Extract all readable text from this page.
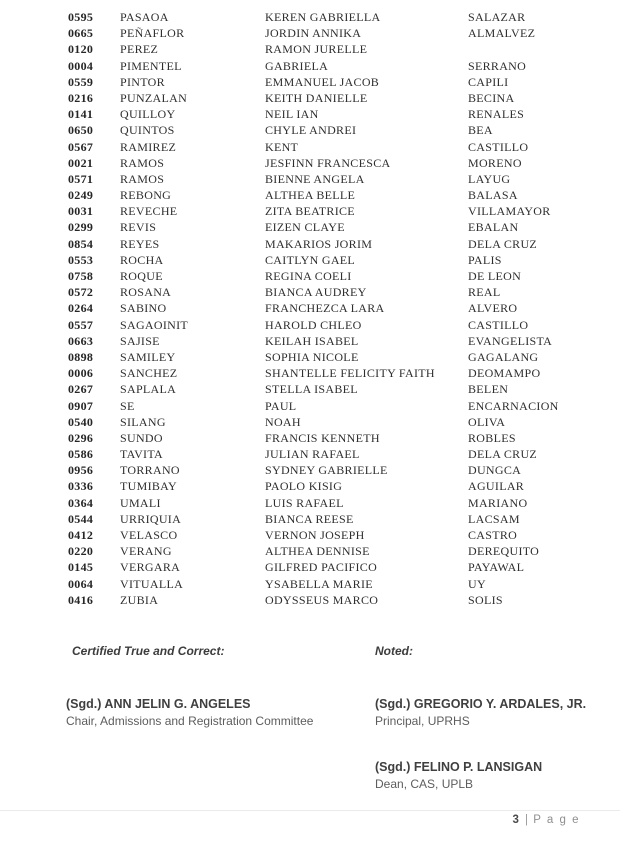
0595	PASAOA	KEREN GABRIELLA	SALAZAR
0665	PEÑAFLOR	JORDIN ANNIKA	ALMALVEZ
0120	PEREZ	RAMON JURELLE
0004	PIMENTEL	GABRIELA	SERRANO
0559	PINTOR	EMMANUEL JACOB	CAPILI
0216	PUNZALAN	KEITH DANIELLE	BECINA
0141	QUILLOY	NEIL IAN	RENALES
0650	QUINTOS	CHYLE ANDREI	BEA
0567	RAMIREZ	KENT	CASTILLO
0021	RAMOS	JESFINN FRANCESCA	MORENO
0571	RAMOS	BIENNE ANGELA	LAYUG
0249	REBONG	ALTHEA BELLE	BALASA
0031	REVECHE	ZITA BEATRICE	VILLAMAYOR
0299	REVIS	EIZEN CLAYE	EBALAN
0854	REYES	MAKARIOS JORIM	DELA CRUZ
0553	ROCHA	CAITLYN GAEL	PALIS
0758	ROQUE	REGINA COELI	DE LEON
0572	ROSANA	BIANCA AUDREY	REAL
0264	SABINO	FRANCHEZCA LARA	ALVERO
0557	SAGAOINIT	HAROLD CHLEO	CASTILLO
0663	SAJISE	KEILAH ISABEL	EVANGELISTA
0898	SAMILEY	SOPHIA NICOLE	GAGALANG
0006	SANCHEZ	SHANTELLE FELICITY FAITH	DEOMAMPO
0267	SAPLALA	STELLA ISABEL	BELEN
0907	SE	PAUL	ENCARNACION
0540	SILANG	NOAH	OLIVA
0296	SUNDO	FRANCIS KENNETH	ROBLES
0586	TAVITA	JULIAN RAFAEL	DELA CRUZ
0956	TORRANO	SYDNEY GABRIELLE	DUNGCA
0336	TUMIBAY	PAOLO KISIG	AGUILAR
0364	UMALI	LUIS RAFAEL	MARIANO
0544	URRIQUIA	BIANCA REESE	LACSAM
0412	VELASCO	VERNON JOSEPH	CASTRO
0220	VERANG	ALTHEA DENNISE	DEREQUITO
0145	VERGARA	GILFRED PACIFICO	PAYAWAL
0064	VITUALLA	YSABELLA MARIE	UY
0416	ZUBIA	ODYSSEUS MARCO	SOLIS
Certified True and Correct:	Noted:
(Sgd.) ANN JELIN G. ANGELES
Chair, Admissions and Registration Committee
(Sgd.) GREGORIO Y. ARDALES, JR.
Principal, UPRHS
(Sgd.) FELINO P. LANSIGAN
Dean, CAS, UPLB
3 | P a g e
